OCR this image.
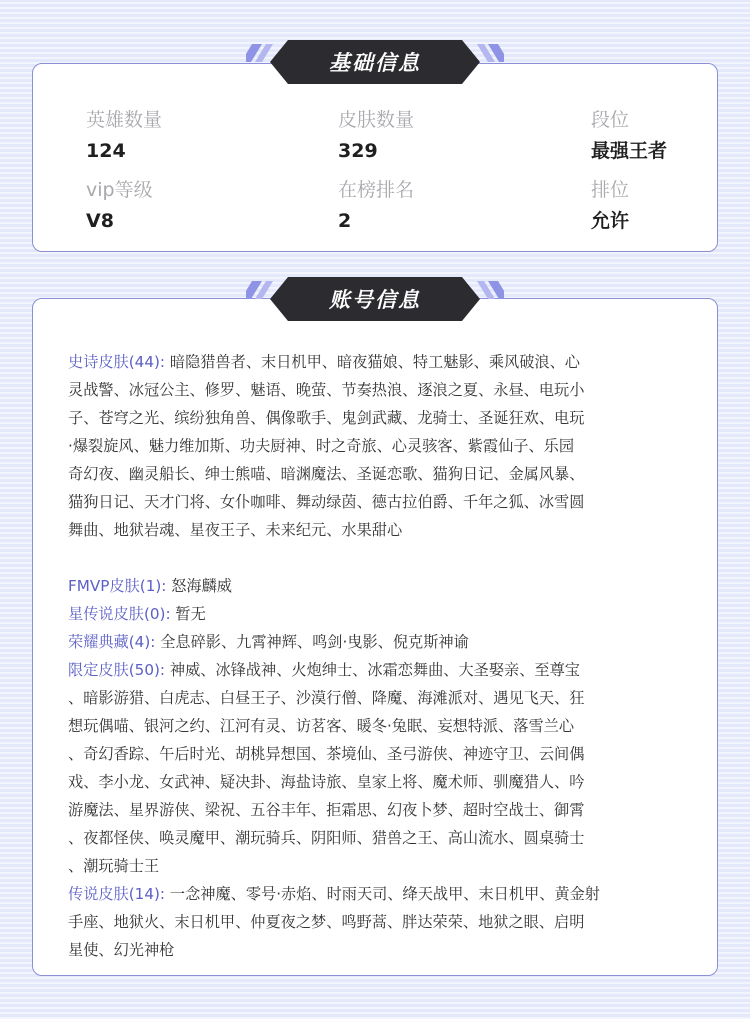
英雄数量
124
皮肤数量
329
段位
最强王者
vip等级
V8
在榜排名
2
排位
允许
基础信息
账号信息
史诗皮肤(44): 暗隐猎兽者、末日机甲、暗夜猫娘、特工魅影、乘风破浪、心
灵战警、冰冠公主、修罗、魅语、晚萤、节奏热浪、逐浪之夏、永昼、电玩小
子、苍穹之光、缤纷独角兽、偶像歌手、鬼剑武藏、龙骑士、圣诞狂欢、电玩
·爆裂旋风、魅力维加斯、功夫厨神、时之奇旅、心灵骇客、紫霞仙子、乐园
奇幻夜、幽灵船长、绅士熊喵、暗渊魔法、圣诞恋歌、猫狗日记、金属风暴、
猫狗日记、天才门将、女仆咖啡、舞动绿茵、德古拉伯爵、千年之狐、冰雪圆
舞曲、地狱岩魂、星夜王子、未来纪元、水果甜心
FMVP皮肤(1): 怒海麟威
星传说皮肤(0): 暂无
荣耀典藏(4): 全息碎影、九霄神辉、鸣剑·曳影、倪克斯神谕
限定皮肤(50): 神威、冰锋战神、火炮绅士、冰霜恋舞曲、大圣娶亲、至尊宝
、暗影游猎、白虎志、白昼王子、沙漠行僧、降魔、海滩派对、遇见飞天、狂
想玩偶喵、银河之约、江河有灵、访茗客、暖冬·兔眠、妄想特派、落雪兰心
、奇幻香踪、午后时光、胡桃异想国、茶境仙、圣弓游侠、神迹守卫、云间偶
戏、李小龙、女武神、疑决卦、海盐诗旅、皇家上将、魔术师、驯魔猎人、吟
游魔法、星界游侠、梁祝、五谷丰年、拒霜思、幻夜卜梦、超时空战士、御霄
、夜都怪侠、唤灵魔甲、潮玩骑兵、阴阳师、猎兽之王、高山流水、圆桌骑士
、潮玩骑士王
传说皮肤(14): 一念神魔、零号·赤焰、时雨天司、绛天战甲、末日机甲、黄金射
手座、地狱火、末日机甲、仲夏夜之梦、鸣野蒿、胖达荣荣、地狱之眼、启明
星使、幻光神枪
